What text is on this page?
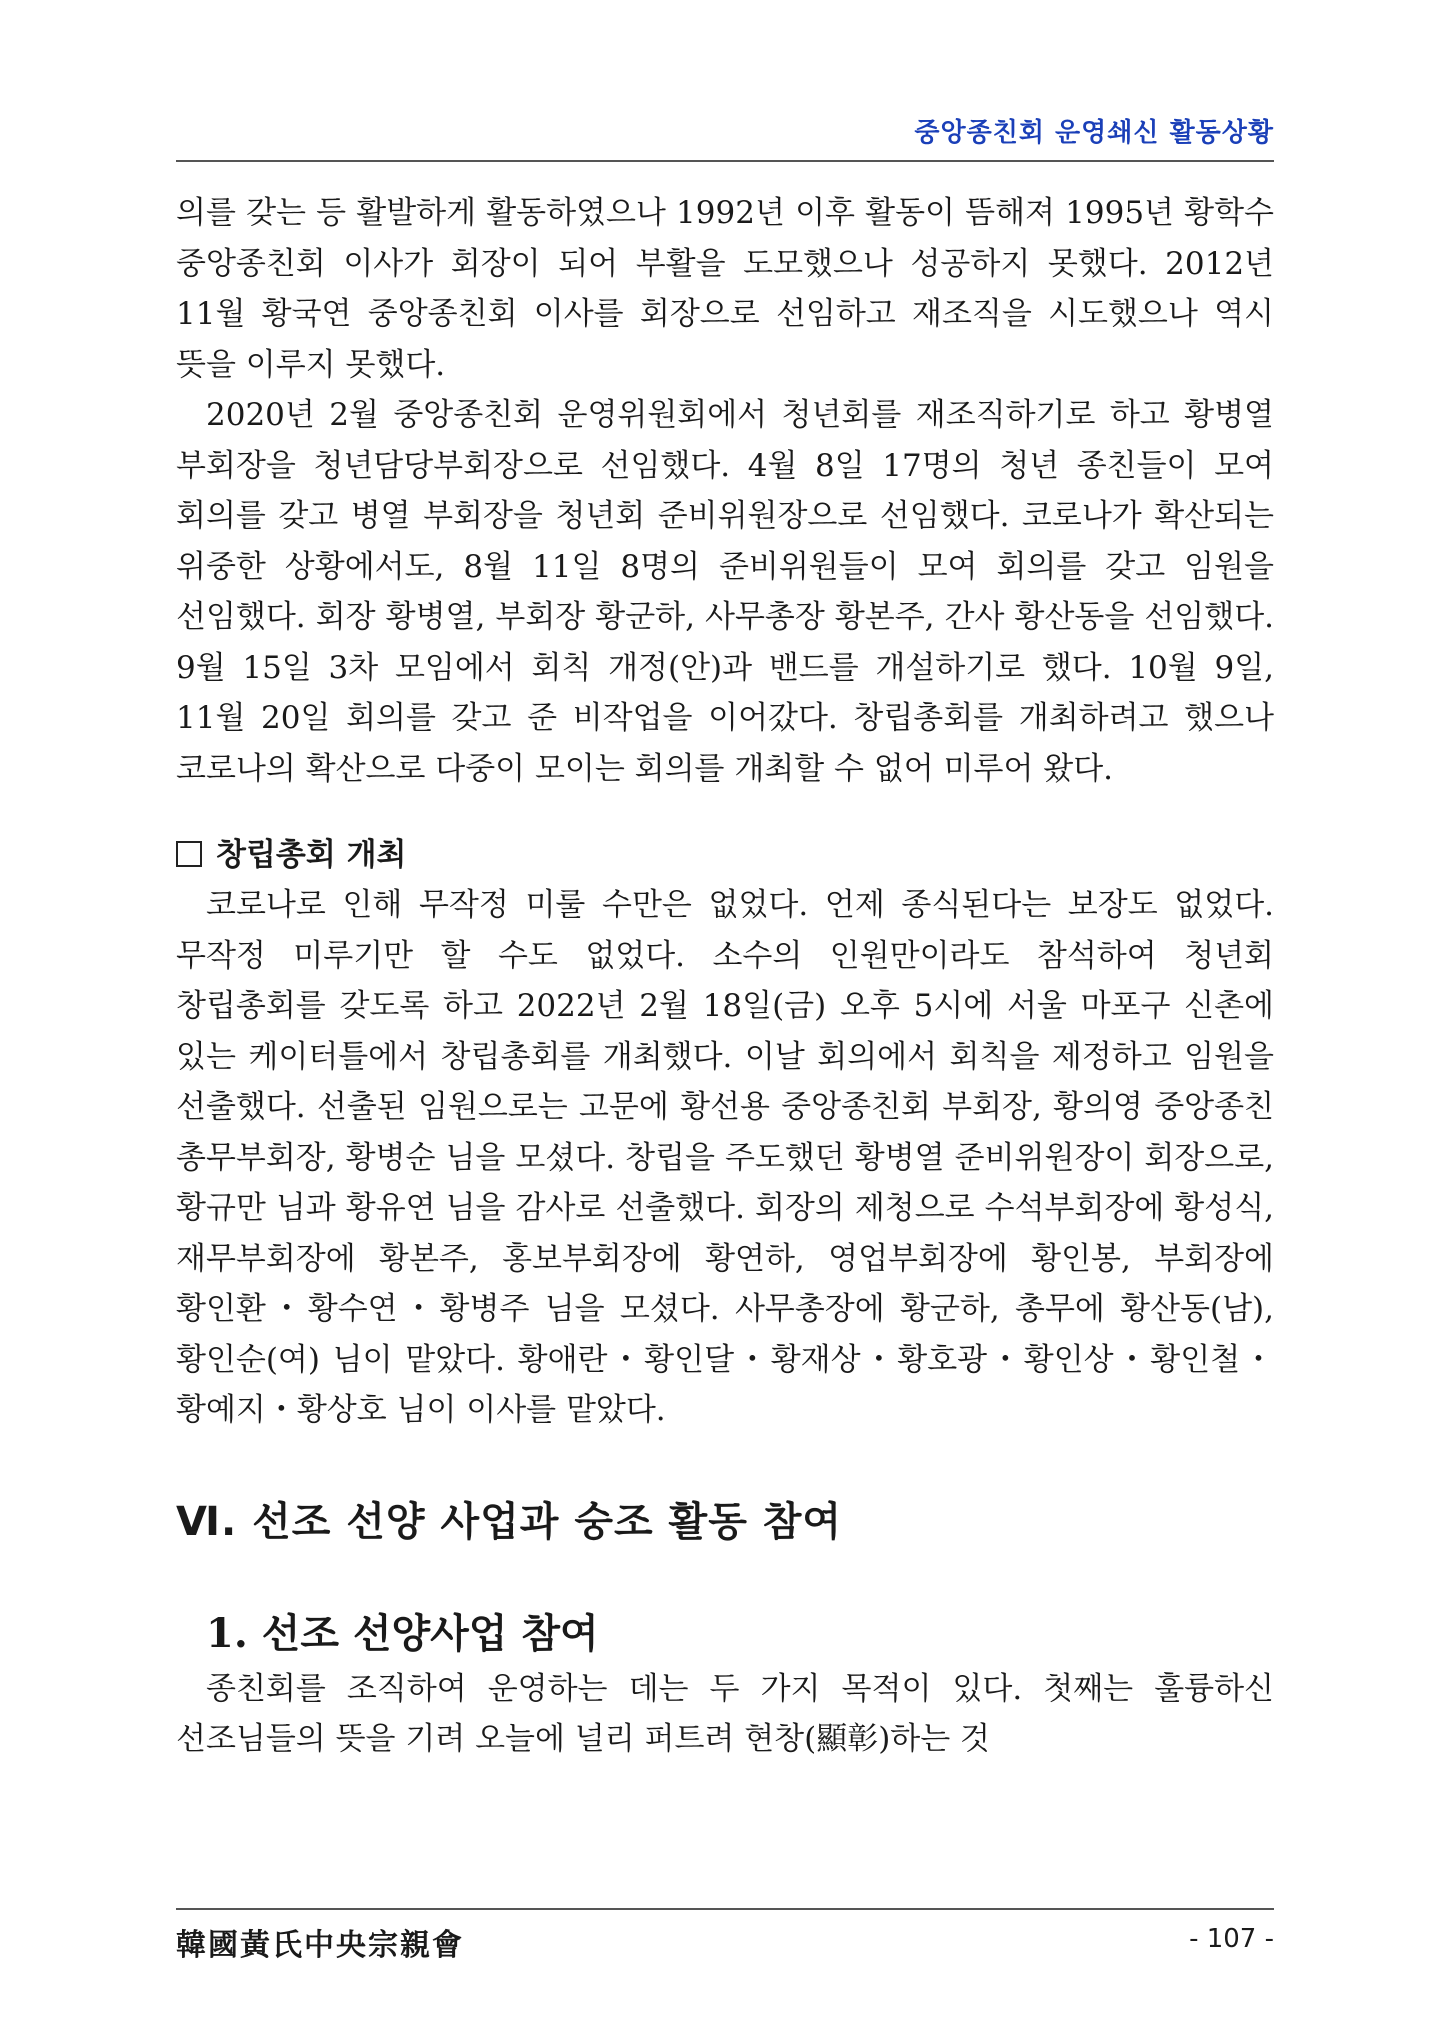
중앙종친회 운영쇄신 활동상황

의를 갖는 등 활발하게 활동하였으나 1992년 이후 활동이 뜸해져 1995년 황학수 중앙종친회 이사가 회장이 되어 부활을 도모했으나 성공하지 못했다. 2012년 11월 황국연 중앙종친회 이사를 회장으로 선임하고 재조직을 시도했으나 역시 뜻을 이루지 못했다.

2020년 2월 중앙종친회 운영위원회에서 청년회를 재조직하기로 하고 황병열 부회장을 청년담당부회장으로 선임했다. 4월 8일 17명의 청년 종친들이 모여 회의를 갖고 병열 부회장을 청년회 준비위원장으로 선임했다. 코로나가 확산되는 위중한 상황에서도, 8월 11일 8명의 준비위원들이 모여 회의를 갖고 임원을 선임했다. 회장 황병열, 부회장 황군하, 사무총장 황본주, 간사 황산동을 선임했다. 9월 15일 3차 모임에서 회칙 개정(안)과 밴드를 개설하기로 했다. 10월 9일, 11월 20일 회의를 갖고 준 비작업을 이어갔다. 창립총회를 개최하려고 했으나 코로나의 확산으로 다중이 모이는 회의를 개최할 수 없어 미루어 왔다.

창립총회 개최

코로나로 인해 무작정 미룰 수만은 없었다. 언제 종식된다는 보장도 없었다. 무작정 미루기만 할 수도 없었다. 소수의 인원만이라도 참석하여 청년회 창립총회를 갖도록 하고 2022년 2월 18일(금) 오후 5시에 서울 마포구 신촌에 있는 케이터틀에서 창립총회를 개최했다. 이날 회의에서 회칙을 제정하고 임원을 선출했다. 선출된 임원으로는 고문에 황선용 중앙종친회 부회장, 황의영 중앙종친 총무부회장, 황병순 님을 모셨다. 창립을 주도했던 황병열 준비위원장이 회장으로, 황규만 님과 황유연 님을 감사로 선출했다. 회장의 제청으로 수석부회장에 황성식, 재무부회장에 황본주, 홍보부회장에 황연하, 영업부회장에 황인봉, 부회장에 황인환・황수연・황병주 님을 모셨다. 사무총장에 황군하, 총무에 황산동(남), 황인순(여) 님이 맡았다. 황애란・황인달・황재상・황호광・황인상・황인철・황예지・황상호 님이 이사를 맡았다.

Ⅵ. 선조 선양 사업과 숭조 활동 참여
1. 선조 선양사업 참여

종친회를 조직하여 운영하는 데는 두 가지 목적이 있다. 첫째는 훌륭하신 선조님들의 뜻을 기려 오늘에 널리 퍼트려 현창(顯彰)하는 것

韓國黃氏中央宗親會	- 107 -
